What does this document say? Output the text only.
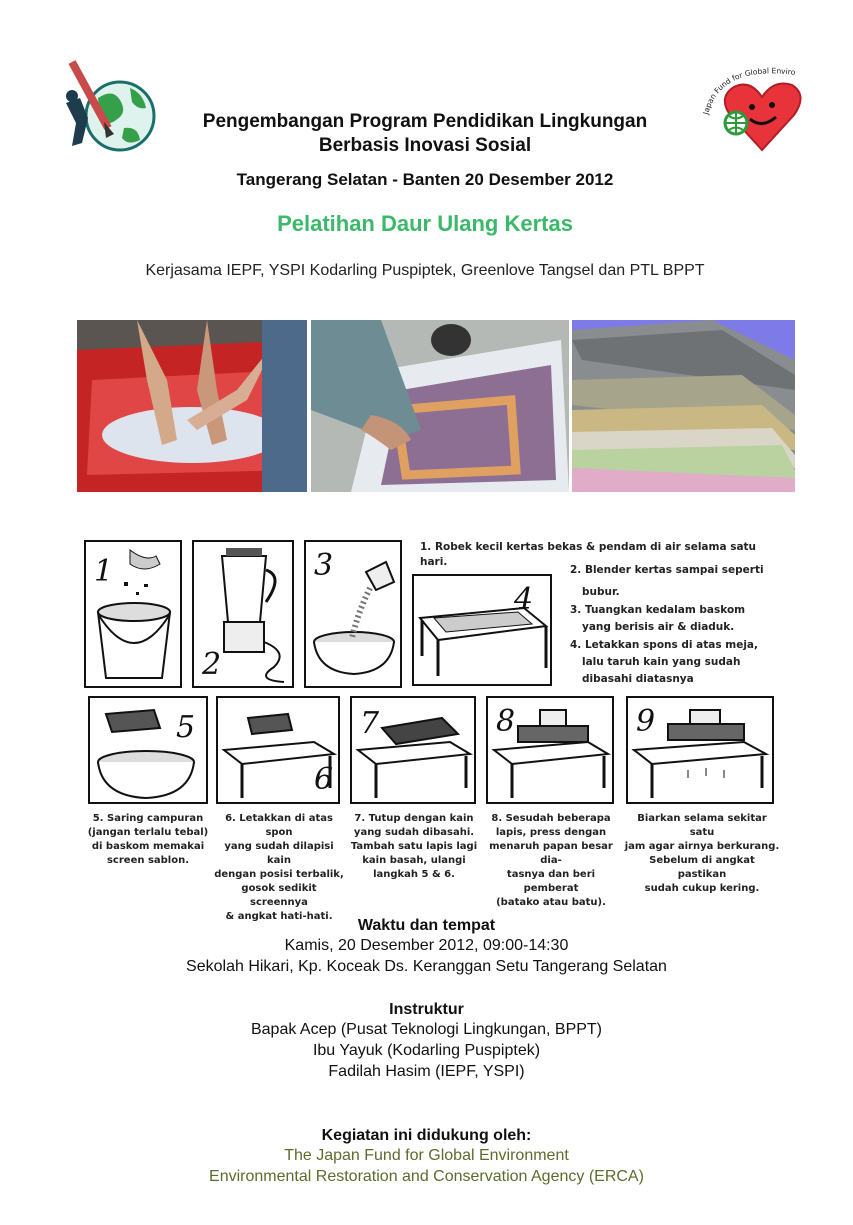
Japan Fund for Global Enviro
Pengembangan Program Pendidikan Lingkungan
Berbasis Inovasi Sosial
Tangerang Selatan - Banten 20 Desember 2012
Pelatihan Daur Ulang Kertas
Kerjasama IEPF, YSPI Kodarling Puspiptek, Greenlove Tangsel dan PTL BPPT
1
2
3
1. Robek kecil kertas bekas & pendam di air selama satu hari.
2. Blender kertas sampai seperti
bubur.
3. Tuangkan kedalam baskom
yang berisis air & diaduk.
4. Letakkan spons di atas meja,
lalu taruh kain yang sudah
dibasahi diatasnya
4
5
6
7	8	9
5. Saring campuran
(jangan terlalu tebal)
di baskom memakai
screen sablon.
6. Letakkan di atas spon
yang sudah dilapisi kain
dengan posisi terbalik,
gosok sedikit screennya
& angkat hati-hati.
7. Tutup dengan kain
yang sudah dibasahi.
Tambah satu lapis lagi
kain basah, ulangi
langkah 5 & 6.
8. Sesudah beberapa
lapis, press dengan
menaruh papan besar dia-
tasnya dan beri pemberat
(batako atau batu).
Biarkan selama sekitar satu
jam agar airnya berkurang.
Sebelum di angkat pastikan
sudah cukup kering.
Waktu dan tempat
Kamis, 20 Desember 2012, 09:00-14:30
Sekolah Hikari, Kp. Koceak Ds. Keranggan Setu Tangerang Selatan
Instruktur
Bapak Acep (Pusat Teknologi Lingkungan, BPPT)
Ibu Yayuk (Kodarling Puspiptek)
Fadilah Hasim (IEPF, YSPI)
Kegiatan ini didukung oleh:
The Japan Fund for Global Environment
Environmental Restoration and Conservation Agency (ERCA)
